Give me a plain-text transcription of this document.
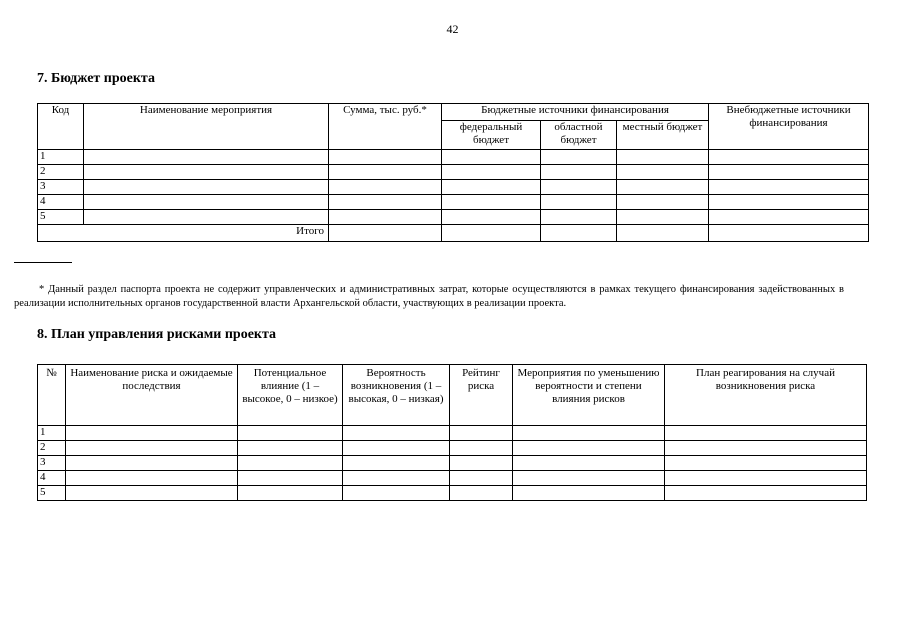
42
7. Бюджет проекта
Код	Наименование мероприятия	Сумма, тыс. руб.*	Бюджетные источники финансирования			Внебюджетные источники финансирования
			федеральный бюджет	областной бюджет	местный бюджет	
1						
2						
3						
4						
5						
Итого						
* Данный раздел паспорта проекта не содержит управленческих и административных затрат, которые осуществляются в рамках текущего финансирования задействованных в реализации исполнительных органов государственной власти Архангельской области, участвующих в реализации проекта.
8. План управления рисками проекта
№	Наименование риска и ожидаемые последствия	Потенциальное влияние (1 – высокое, 0 – низкое)	Вероятность возникновения (1 – высокая, 0 – низкая)	Рейтинг риска	Мероприятия по уменьшению вероятности и степени влияния рисков	План реагирования на случай возникновения риска
1						
2						
3						
4						
5						
